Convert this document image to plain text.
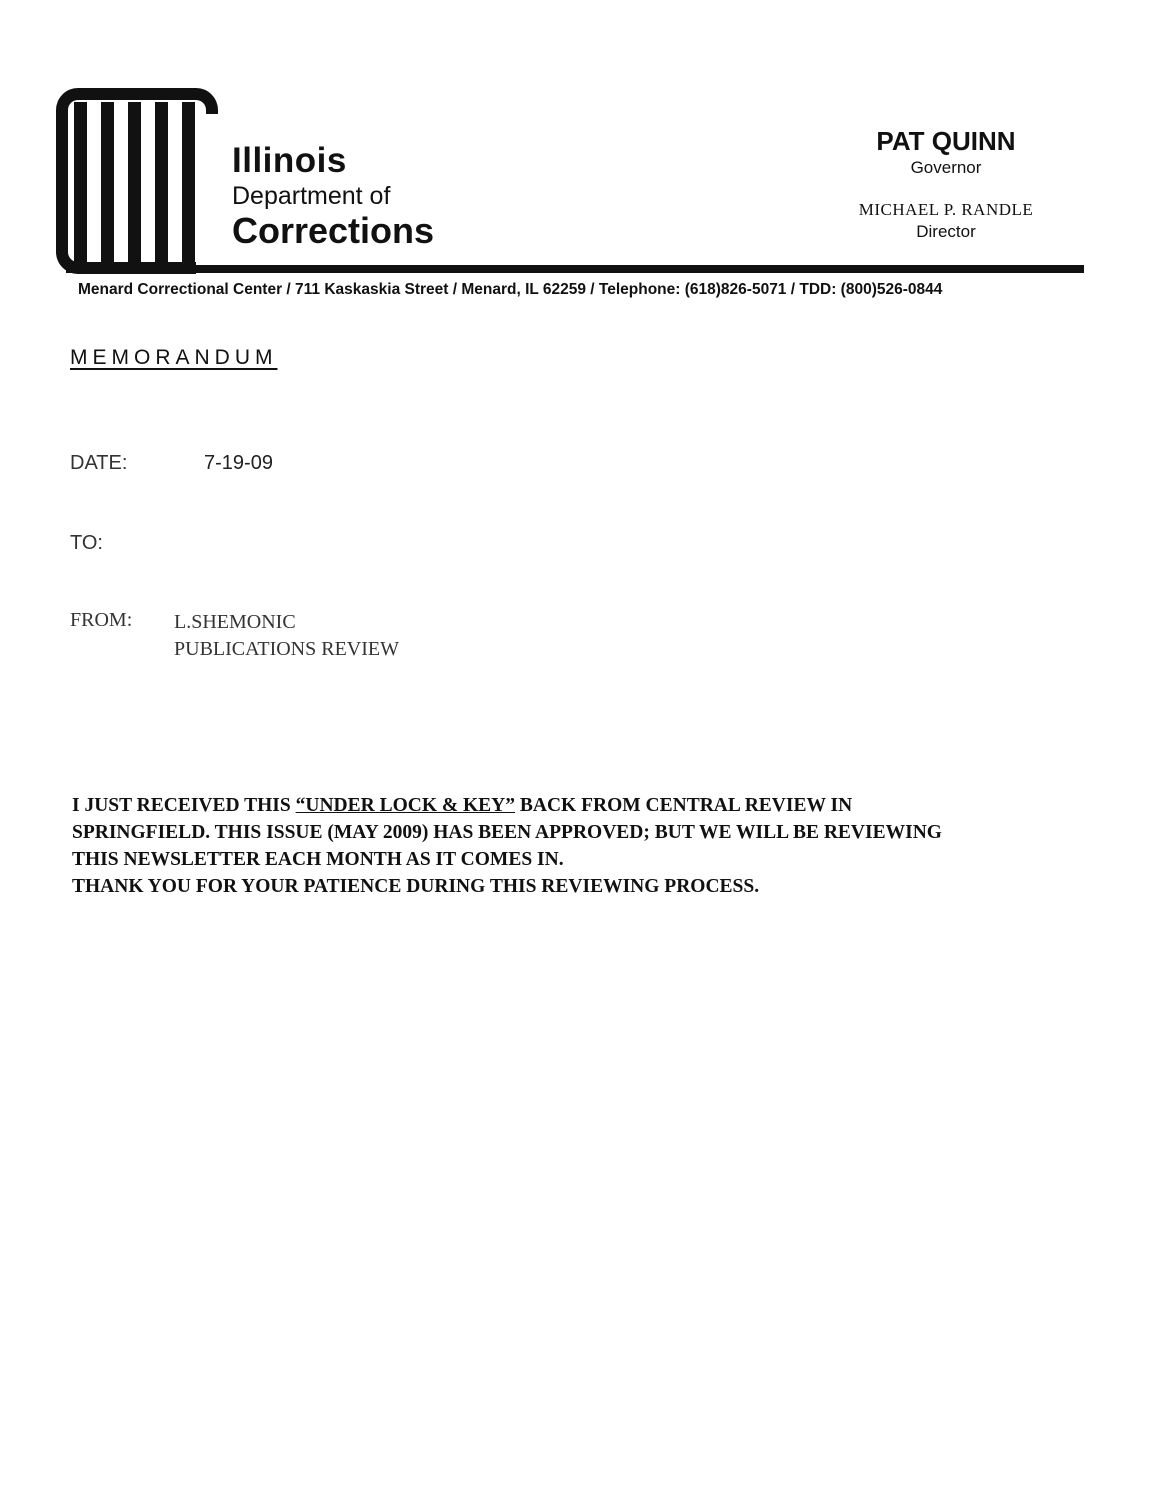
Illinois
Department of
Corrections
PAT QUINN
Governor
MICHAEL P. RANDLE
Director
Menard Correctional Center / 711 Kaskaskia Street / Menard, IL 62259 / Telephone: (618)826-5071 / TDD: (800)526-0844
MEMORANDUM
DATE:	7-19-09
TO:
FROM: L.SHEMONIC
PUBLICATIONS REVIEW
I JUST RECEIVED THIS “UNDER LOCK & KEY” BACK FROM CENTRAL REVIEW IN
SPRINGFIELD. THIS ISSUE (MAY 2009) HAS BEEN APPROVED; BUT WE WILL BE REVIEWING
THIS NEWSLETTER EACH MONTH AS IT COMES IN.
THANK YOU FOR YOUR PATIENCE DURING THIS REVIEWING PROCESS.
